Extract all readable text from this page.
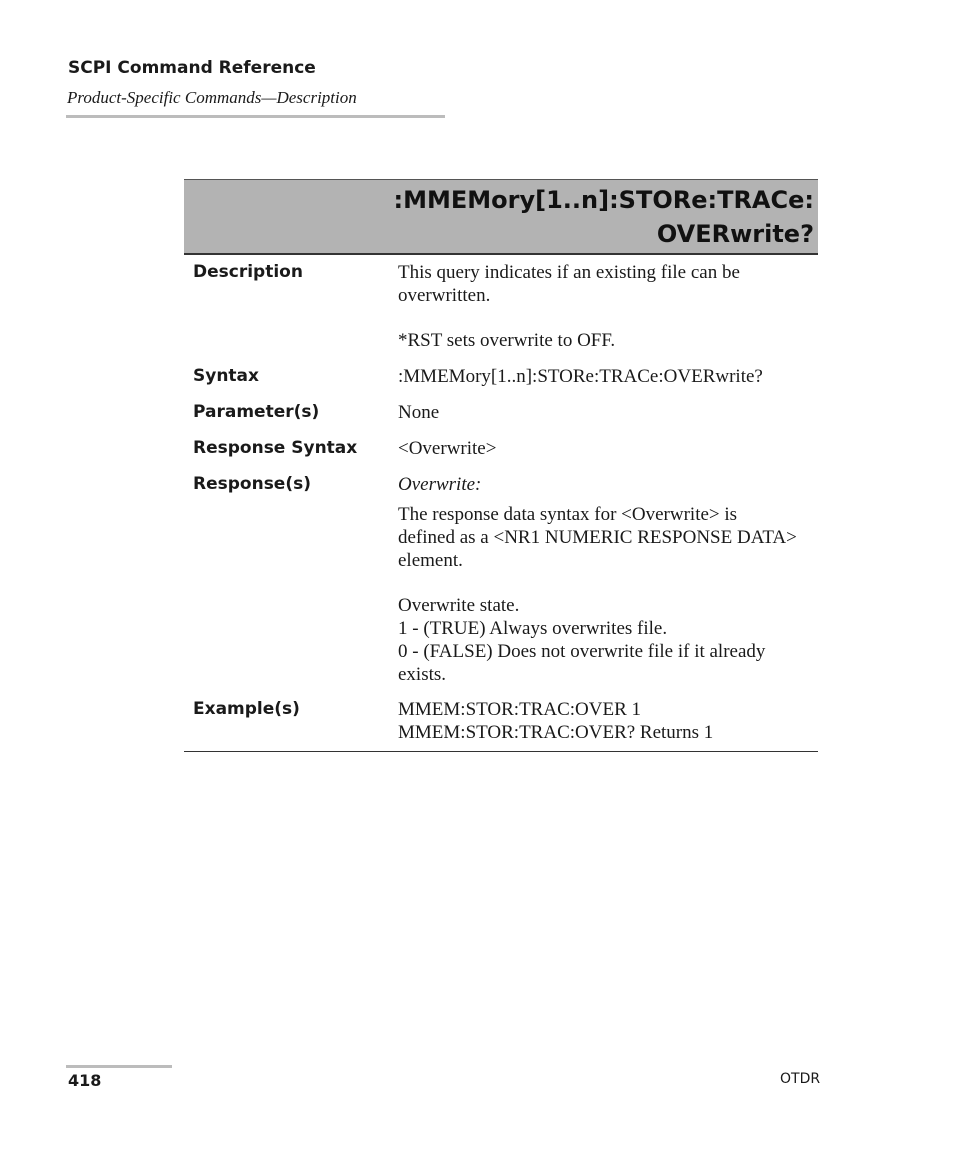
SCPI Command Reference
Product-Specific Commands—Description
:MMEMory[1..n]:STORe:TRACe:
OVERwrite?
Description	This query indicates if an existing file can be
overwritten.
*RST sets overwrite to OFF.
Syntax	:MMEMory[1..n]:STORe:TRACe:OVERwrite?
Parameter(s)	None
Response Syntax <Overwrite>
Response(s)	Overwrite:
The response data syntax for <Overwrite> is
defined as a <NR1 NUMERIC RESPONSE DATA>
element.
Overwrite state.
1 - (TRUE) Always overwrites file.
0 - (FALSE) Does not overwrite file if it already
exists.
Example(s)	MMEM:STOR:TRAC:OVER 1
MMEM:STOR:TRAC:OVER? Returns 1
418	OTDR
